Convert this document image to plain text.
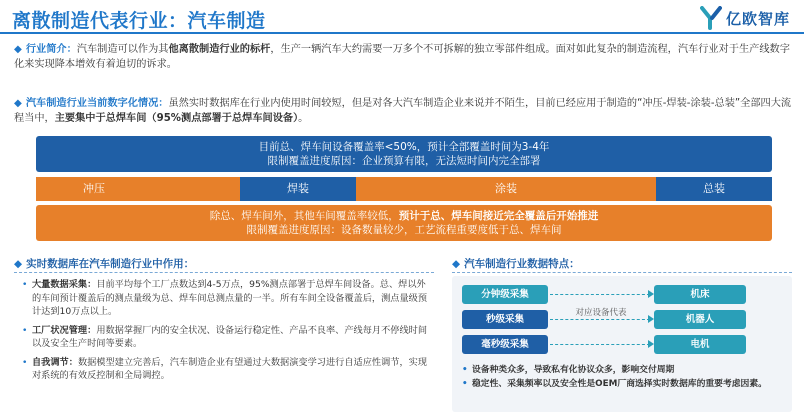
离散制造代表行业：汽车制造	亿欧智库
◆ 行业简介：汽车制造可以作为其他离散制造行业的标杆，生产一辆汽车大约需要一万多个不可拆解的独立零部件组成。面对如此复杂的制造流程，汽车行业对于生产线数字化来实现降本增效有着迫切的诉求。
◆ 汽车制造行业当前数字化情况：虽然实时数据库在行业内使用时间较短，但是对各大汽车制造企业来说并不陌生，目前已经应用于制造的“冲压-焊装-涂装-总装”全部四大流程当中，主要集中于总焊车间（95%测点部署于总焊车间设备）。
目前总、焊车间设备覆盖率<50%，预计全部覆盖时间为3-4年
限制覆盖进度原因：企业预算有限，无法短时间内完全部署
冲压	焊装	涂装	总装
除总、焊车间外，其他车间覆盖率较低，预计于总、焊车间接近完全覆盖后开始推进
限制覆盖进度原因：设备数量较少，工艺流程重要度低于总、焊车间
◆ 实时数据库在汽车制造行业中作用：
• 大量数据采集：目前平均每个工厂点数达到4-5万点，95%测点部署于总焊车间设备。总、焊以外的车间预计覆盖后的测点量级为总、焊车间总测点量的一半。所有车间全设备覆盖后，测点量级预计达到10万点以上。
• 工厂状况管理：用数据掌握厂内的安全状况、设备运行稳定性、产品不良率、产线每月不停线时间以及安全生产时间等要素。
• 自我调节：数据模型建立完善后，汽车制造企业有望通过大数据演变学习进行自适应性调节，实现对系统的有效反控制和全局调控。
◆ 汽车制造行业数据特点：
分钟级采集
秒级采集
毫秒级采集
机床
机器人
电机
对应设备代表
• 设备种类众多，导致私有化协议众多，影响交付周期
• 稳定性、采集频率以及安全性是OEM厂商选择实时数据库的重要考虑因素。
